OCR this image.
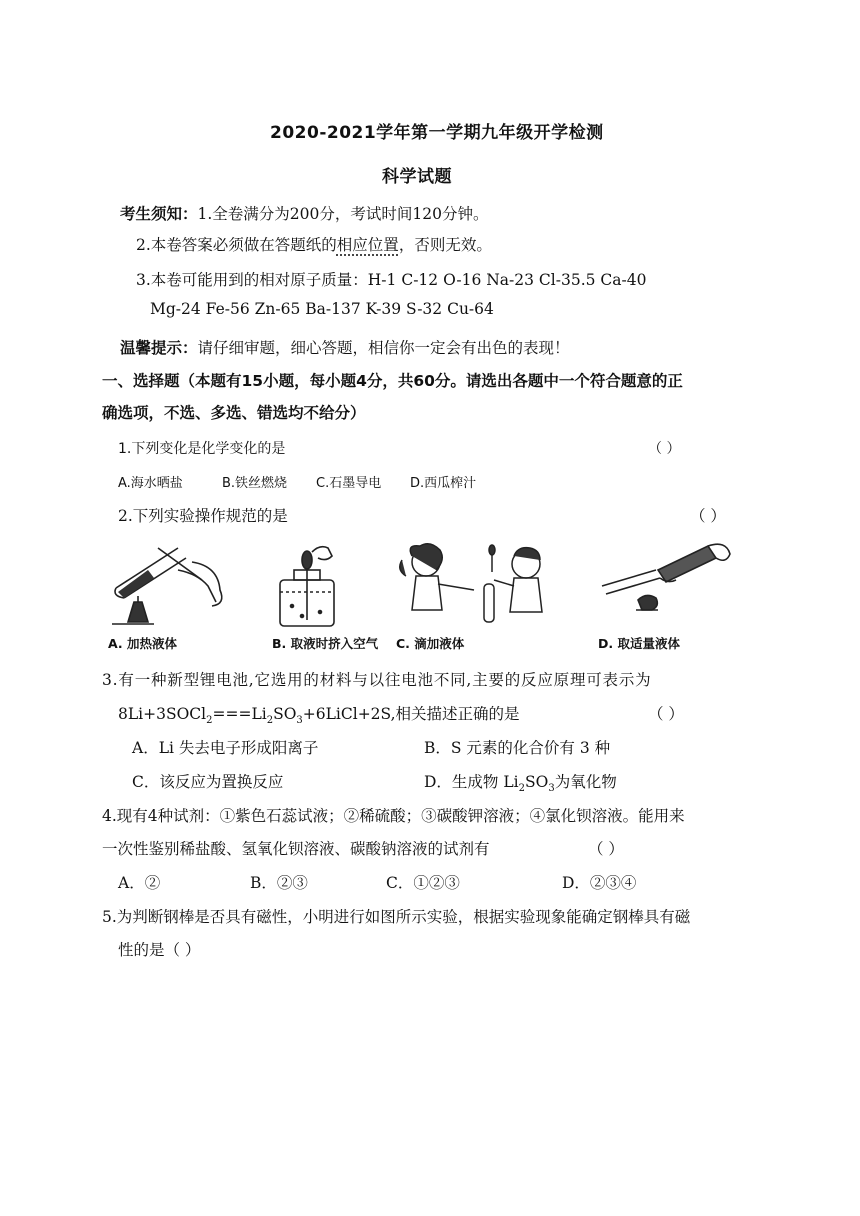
2020-2021学年第一学期九年级开学检测
科学试题
考生须知：1.全卷满分为200分，考试时间120分钟。
2.本卷答案必须做在答题纸的相应位置，否则无效。
3.本卷可能用到的相对原子质量：H-1 C-12 O-16 Na-23 Cl-35.5 Ca-40
Mg-24 Fe-56 Zn-65 Ba-137 K-39 S-32 Cu-64
温馨提示：请仔细审题，细心答题，相信你一定会有出色的表现！
一、选择题（本题有15小题，每小题4分，共60分。请选出各题中一个符合题意的正
确选项，不选、多选、错选均不给分）
1.下列变化是化学变化的是	（ ）
A.海水晒盐	B.铁丝燃烧 C.石墨导电 D.西瓜榨汁
2.下列实验操作规范的是	（ ）
A. 加热液体	B. 取液时挤入空气	C. 滴加液体	D. 取适量液体
3.有一种新型锂电池,它选用的材料与以往电池不同,主要的反应原理可表示为
$8Li+3SOCl_2===Li_2SO_3+6LiCl+2S$,相关描述正确的是	（ ）
A．Li 失去电子形成阳离子	B．S 元素的化合价有 3 种
C．该反应为置换反应	D．生成物 $Li_2SO_3$为氧化物
4.现有4种试剂：①紫色石蕊试液；②稀硫酸；③碳酸钾溶液；④氯化钡溶液。能用来
一次性鉴别稀盐酸、氢氧化钡溶液、碳酸钠溶液的试剂有	（ ）
A．②	B．②③	C．①②③	D．②③④
5.为判断钢棒是否具有磁性，小明进行如图所示实验，根据实验现象能确定钢棒具有磁
性的是（ ）
